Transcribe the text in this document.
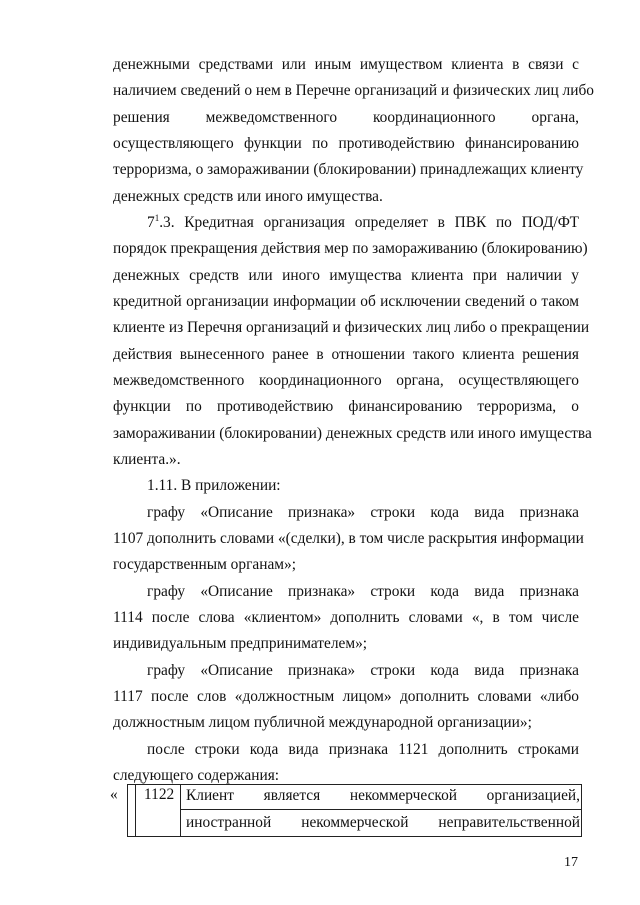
денежными средствами или иным имуществом клиента в связи с
наличием сведений о нем в Перечне организаций и физических лиц либо
решения межведомственного координационного органа,
осуществляющего функции по противодействию финансированию
терроризма, о замораживании (блокировании) принадлежащих клиенту
денежных средств или иного имущества.
$7^1.3$. Кредитная организация определяет в ПВК по ПОД/ФТ
порядок прекращения действия мер по замораживанию (блокированию)
денежных средств или иного имущества клиента при наличии у
кредитной организации информации об исключении сведений о таком
клиенте из Перечня организаций и физических лиц либо о прекращении
действия вынесенного ранее в отношении такого клиента решения
межведомственного координационного органа, осуществляющего
функции по противодействию финансированию терроризма, о
замораживании (блокировании) денежных средств или иного имущества
клиента.».
1.11. В приложении:
графу «Описание признака» строки кода вида признака
1107 дополнить словами «(сделки), в том числе раскрытия информации
государственным органам»;
графу «Описание признака» строки кода вида признака
1114 после слова «клиентом» дополнить словами «, в том числе
индивидуальным предпринимателем»;
графу «Описание признака» строки кода вида признака
1117 после слов «должностным лицом» дополнить словами «либо
должностным лицом публичной международной организации»;
после строки кода вида признака 1121 дополнить строками
следующего содержания:
« 1122 Клиент является некоммерческой организацией,
иностранной некоммерческой неправительственной
17
